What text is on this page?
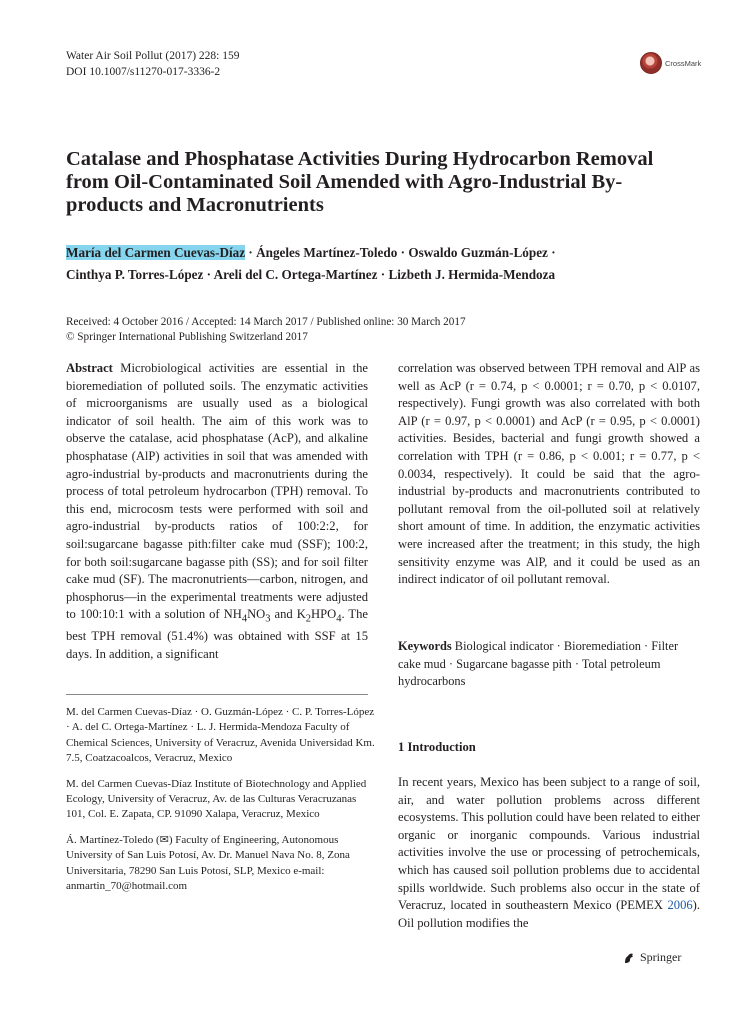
Water Air Soil Pollut (2017) 228: 159
DOI 10.1007/s11270-017-3336-2
CrossMark
Catalase and Phosphatase Activities During Hydrocarbon Removal from Oil-Contaminated Soil Amended with Agro-Industrial By-products and Macronutrients
María del Carmen Cuevas-Díaz · Ángeles Martínez-Toledo · Oswaldo Guzmán-López ·
Cinthya P. Torres-López · Areli del C. Ortega-Martínez · Lizbeth J. Hermida-Mendoza
Received: 4 October 2016 / Accepted: 14 March 2017 / Published online: 30 March 2017
© Springer International Publishing Switzerland 2017
Abstract Microbiological activities are essential in the bioremediation of polluted soils. The enzymatic activities of microorganisms are usually used as a biological indicator of soil health. The aim of this work was to observe the catalase, acid phosphatase (AcP), and alkaline phosphatase (AlP) activities in soil that was amended with agro-industrial by-products and macronutrients during the process of total petroleum hydrocarbon (TPH) removal. To this end, microcosm tests were performed with soil and agro-industrial by-products ratios of 100:2:2, for soil:sugarcane bagasse pith:filter cake mud (SSF); 100:2, for both soil:sugarcane bagasse pith (SS); and for soil filter cake mud (SF). The macronutrients—carbon, nitrogen, and phosphorus—in the experimental treatments were adjusted to 100:10:1 with a solution of $NH_4NO_3$ and $K_2HPO_4$. The best TPH removal (51.4%) was obtained with SSF at 15 days. In addition, a significant
correlation was observed between TPH removal and AlP as well as AcP (r = 0.74, p < 0.0001; r = 0.70, p < 0.0107, respectively). Fungi growth was also correlated with both AlP (r = 0.97, p < 0.0001) and AcP (r = 0.95, p < 0.0001) activities. Besides, bacterial and fungi growth showed a correlation with TPH (r = 0.86, p < 0.001; r = 0.77, p < 0.0034, respectively). It could be said that the agro-industrial by-products and macronutrients contributed to pollutant removal from the oil-polluted soil at relatively short amount of time. In addition, the enzymatic activities were increased after the treatment; in this study, the high sensitivity enzyme was AlP, and it could be used as an indirect indicator of oil pollutant removal.
Keywords Biological indicator · Bioremediation · Filter cake mud · Sugarcane bagasse pith · Total petroleum hydrocarbons

M. del Carmen Cuevas-Díaz · O. Guzmán-López · C. P. Torres-López · A. del C. Ortega-Martínez · L. J. Hermida-Mendoza Faculty of Chemical Sciences, University of Veracruz, Avenida Universidad Km. 7.5, Coatzacoalcos, Veracruz, Mexico

M. del Carmen Cuevas-Díaz Institute of Biotechnology and Applied Ecology, University of Veracruz, Av. de las Culturas Veracruzanas 101, Col. E. Zapata, CP. 91090 Xalapa, Veracruz, Mexico

Á. Martínez-Toledo (✉) Faculty of Engineering, Autonomous University of San Luis Potosí, Av. Dr. Manuel Nava No. 8, Zona Universitaria, 78290 San Luis Potosí, SLP, Mexico e-mail: anmartin_70@hotmail.com

1 Introduction
In recent years, Mexico has been subject to a range of soil, air, and water pollution problems across different ecosystems. This pollution could have been related to either organic or inorganic compounds. Various industrial activities involve the use or processing of petrochemicals, which has caused soil pollution problems due to accidental spills worldwide. Such problems also occur in the state of Veracruz, located in southeastern Mexico (PEMEX 2006). Oil pollution modifies the
Springer
